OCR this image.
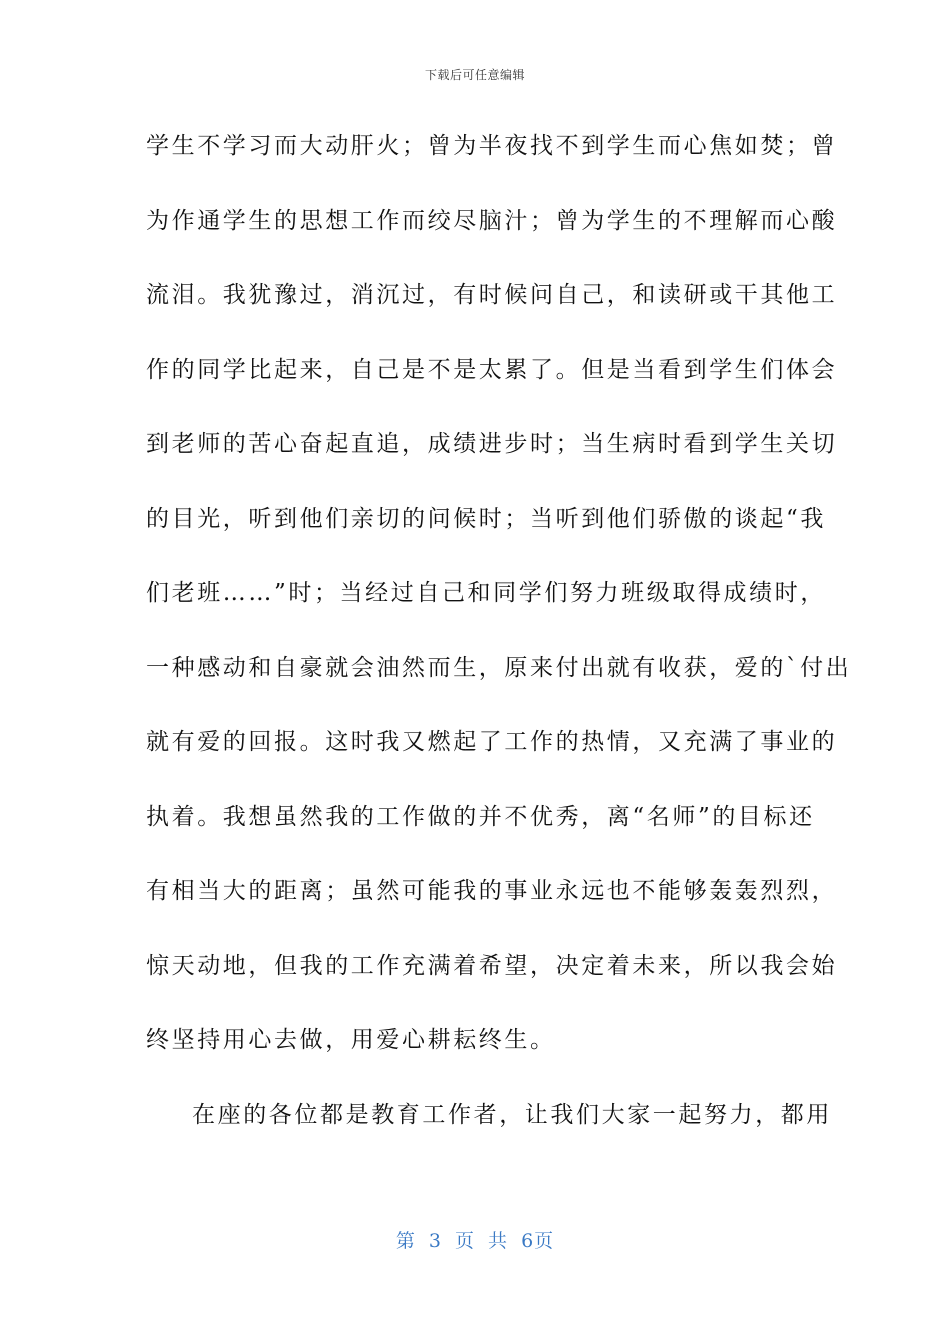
下载后可任意编辑
学生不学习而大动肝火；曾为半夜找不到学生而心焦如焚；曾
为作通学生的思想工作而绞尽脑汁；曾为学生的不理解而心酸
流泪。我犹豫过，消沉过，有时候问自己，和读研或干其他工
作的同学比起来，自己是不是太累了。但是当看到学生们体会
到老师的苦心奋起直追，成绩进步时；当生病时看到学生关切
的目光，听到他们亲切的问候时；当听到他们骄傲的谈起“我
们老班……”时；当经过自己和同学们努力班级取得成绩时，
一种感动和自豪就会油然而生，原来付出就有收获，爱的`付出
就有爱的回报。这时我又燃起了工作的热情，又充满了事业的
执着。我想虽然我的工作做的并不优秀，离“名师”的目标还
有相当大的距离；虽然可能我的事业永远也不能够轰轰烈烈，
惊天动地，但我的工作充满着希望，决定着未来，所以我会始
终坚持用心去做，用爱心耕耘终生。
在座的各位都是教育工作者，让我们大家一起努力，都用
第 3 页 共 6页
